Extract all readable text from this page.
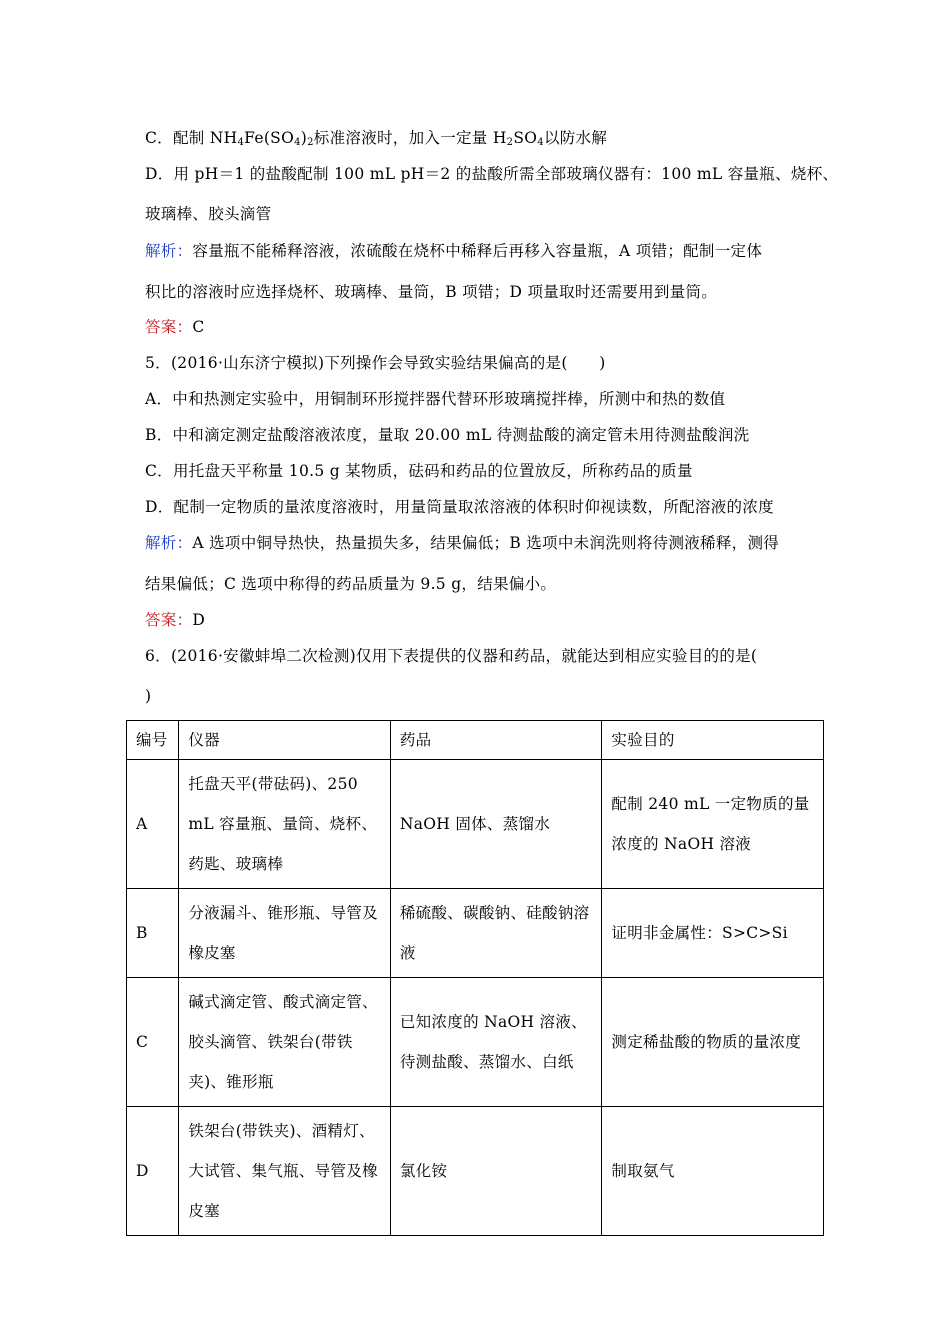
C．配制 $NH_4Fe(SO_4)_2$标准溶液时，加入一定量 $H_2SO_4$以防水解
D．用 pH＝1 的盐酸配制 100 mL pH＝2 的盐酸所需全部玻璃仪器有：100 mL 容量瓶、烧杯、
玻璃棒、胶头滴管
解析：容量瓶不能稀释溶液，浓硫酸在烧杯中稀释后再移入容量瓶，A 项错；配制一定体
积比的溶液时应选择烧杯、玻璃棒、量筒，B 项错；D 项量取时还需要用到量筒。
答案：C
5．(2016·山东济宁模拟)下列操作会导致实验结果偏高的是(　　)
A．中和热测定实验中，用铜制环形搅拌器代替环形玻璃搅拌棒，所测中和热的数值
B．中和滴定测定盐酸溶液浓度，量取 20.00 mL 待测盐酸的滴定管未用待测盐酸润洗
C．用托盘天平称量 10.5 g 某物质，砝码和药品的位置放反，所称药品的质量
D．配制一定物质的量浓度溶液时，用量筒量取浓溶液的体积时仰视读数，所配溶液的浓度
解析：A 选项中铜导热快，热量损失多，结果偏低；B 选项中未润洗则将待测液稀释，测得
结果偏低；C 选项中称得的药品质量为 9.5 g，结果偏小。
答案：D
6．(2016·安徽蚌埠二次检测)仅用下表提供的仪器和药品，就能达到相应实验目的的是(
)
编号	仪器	药品	实验目的
A	托盘天平(带砝码)、250 mL 容量瓶、量筒、烧杯、药匙、玻璃棒	NaOH 固体、蒸馏水	配制 240 mL 一定物质的量浓度的 NaOH 溶液
B	分液漏斗、锥形瓶、导管及橡皮塞	稀硫酸、碳酸钠、硅酸钠溶液	证明非金属性：S>C>Si
C	碱式滴定管、酸式滴定管、胶头滴管、铁架台(带铁夹)、锥形瓶	已知浓度的 NaOH 溶液、待测盐酸、蒸馏水、白纸	测定稀盐酸的物质的量浓度
D	铁架台(带铁夹)、酒精灯、大试管、集气瓶、导管及橡皮塞	氯化铵	制取氨气
